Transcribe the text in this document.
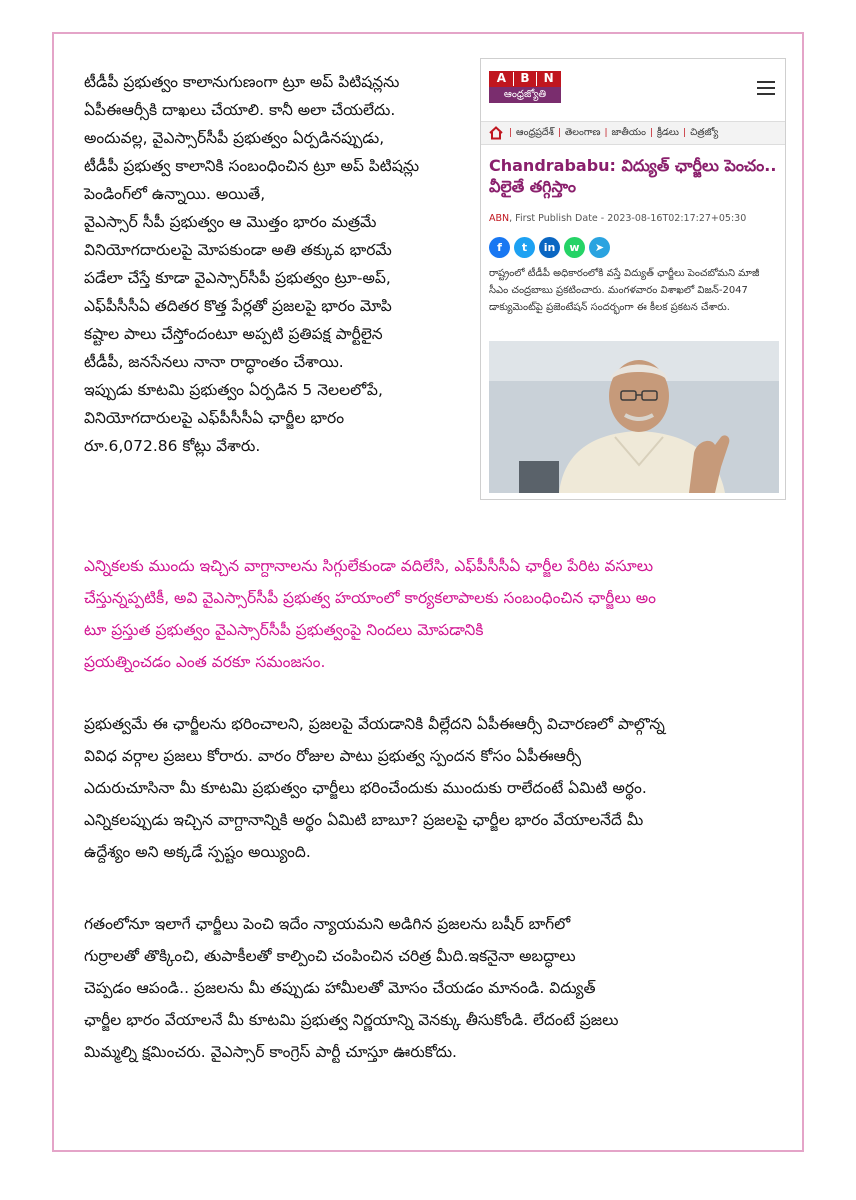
టీడీపీ ప్రభుత్వం కాలానుగుణంగా ట్రూ అప్ పిటిషన్లను

ఏపీఈఆర్సీకి దాఖలు చేయాలి. కానీ అలా చేయలేదు.

అందువల్ల, వైఎస్సార్‌సీపీ ప్రభుత్వం ఏర్పడినప్పుడు,

టీడీపీ ప్రభుత్వ కాలానికి సంబంధించిన ట్రూ అప్ పిటిషన్లు

పెండింగ్‌లో ఉన్నాయి. అయితే,

వైఎస్సార్ సీపీ ప్రభుత్వం ఆ మొత్తం భారం మత్రమే

వినియోగదారులపై మోపకుండా అతి తక్కువ భారమే

పడేలా చేస్తే కూడా వైఎస్సార్‌సీపీ ప్రభుత్వం ట్రూ-అప్,

ఎఫ్‌పీసీసీఏ తదితర కొత్త పేర్లతో ప్రజలపై భారం మోపి

కష్టాల పాలు చేస్తోందంటూ అప్పటి ప్రతిపక్ష పార్టీలైన

టీడీపీ, జనసేనలు నానా రాద్ధాంతం చేశాయి.

ఇప్పుడు కూటమి ప్రభుత్వం ఏర్పడిన 5 నెలలలోపే,

వినియోగదారులపై ఎఫ్‌పీసీసీఏ ఛార్జీల భారం

రూ.6,072.86 కోట్లు వేశారు.

A	B	N
ఆంధ్రజ్యోతి
| ఆంధ్రప్రదేశ్ | తెలంగాణ | జాతీయం | క్రీడలు | చిత్రజ్యో

Chandrababu: విద్యుత్ ఛార్జీలు పెంచం.. వీలైతే తగ్గిస్తాం

ABN, First Publish Date - 2023-08-16T02:17:27+05:30
f	t	in	w	➤

రాష్ట్రంలో టీడీపీ అధికారంలోకి వస్తే విద్యుత్ ఛార్జీలు పెంచబోమని మాజీ సీఎం చంద్రబాబు ప్రకటించారు. మంగళవారం విశాఖలో విజన్-2047 డాక్యుమెంట్‌పై ప్రజెంటేషన్ సందర్భంగా ఈ కీలక ప్రకటన చేశారు.

ఎన్నికలకు ముందు ఇచ్చిన వాగ్దానాలను సిగ్గులేకుండా వదిలేసి, ఎఫ్‌పీసీసీఏ ఛార్జీల పేరిట వసూలు

చేస్తున్నప్పటికీ, అవి వైఎస్సార్‌సీపీ ప్రభుత్వ హయాంలో కార్యకలాపాలకు సంబంధించిన ఛార్జీలు అం

టూ ప్రస్తుత ప్రభుత్వం వైఎస్సార్‌సీపీ ప్రభుత్వంపై నిందలు మోపడానికి

ప్రయత్నించడం ఎంత వరకూ సమంజసం.

ప్రభుత్వమే ఈ ఛార్జీలను భరించాలని, ప్రజలపై వేయడానికి వీల్లేదని ఏపీఈఆర్సీ విచారణలో పాల్గొన్న

వివిధ వర్గాల ప్రజలు కోరారు. వారం రోజుల పాటు ప్రభుత్వ స్పందన కోసం ఏపీఈఆర్సీ

ఎదురుచూసినా మీ కూటమి ప్రభుత్వం ఛార్జీలు భరించేందుకు ముందుకు రాలేదంటే ఏమిటి అర్థం.

ఎన్నికలప్పుడు ఇచ్చిన వాగ్దానాన్నికి అర్థం ఏమిటి బాబూ? ప్రజలపై ఛార్జీల భారం వేయాలనేదే మీ

ఉద్దేశ్యం అని అక్కడే స్పష్టం అయ్యింది.

గతంలోనూ ఇలాగే ఛార్జీలు పెంచి ఇదేం న్యాయమని అడిగిన ప్రజలను బషీర్ బాగ్‌లో

గుర్రాలతో తొక్కించి, తుపాకీలతో కాల్పించి చంపించిన చరిత్ర మీది.ఇకనైనా అబద్ధాలు

చెప్పడం ఆపండి.. ప్రజలను మీ తప్పుడు హామీలతో మోసం చేయడం మానండి. విద్యుత్

ఛార్జీల భారం వేయాలనే మీ కూటమి ప్రభుత్వ నిర్ణయాన్ని వెనక్కు తీసుకోండి. లేదంటే ప్రజలు

మిమ్మల్ని క్షమించరు. వైఎస్సార్ కాంగ్రెస్ పార్టీ చూస్తూ ఊరుకోదు.
